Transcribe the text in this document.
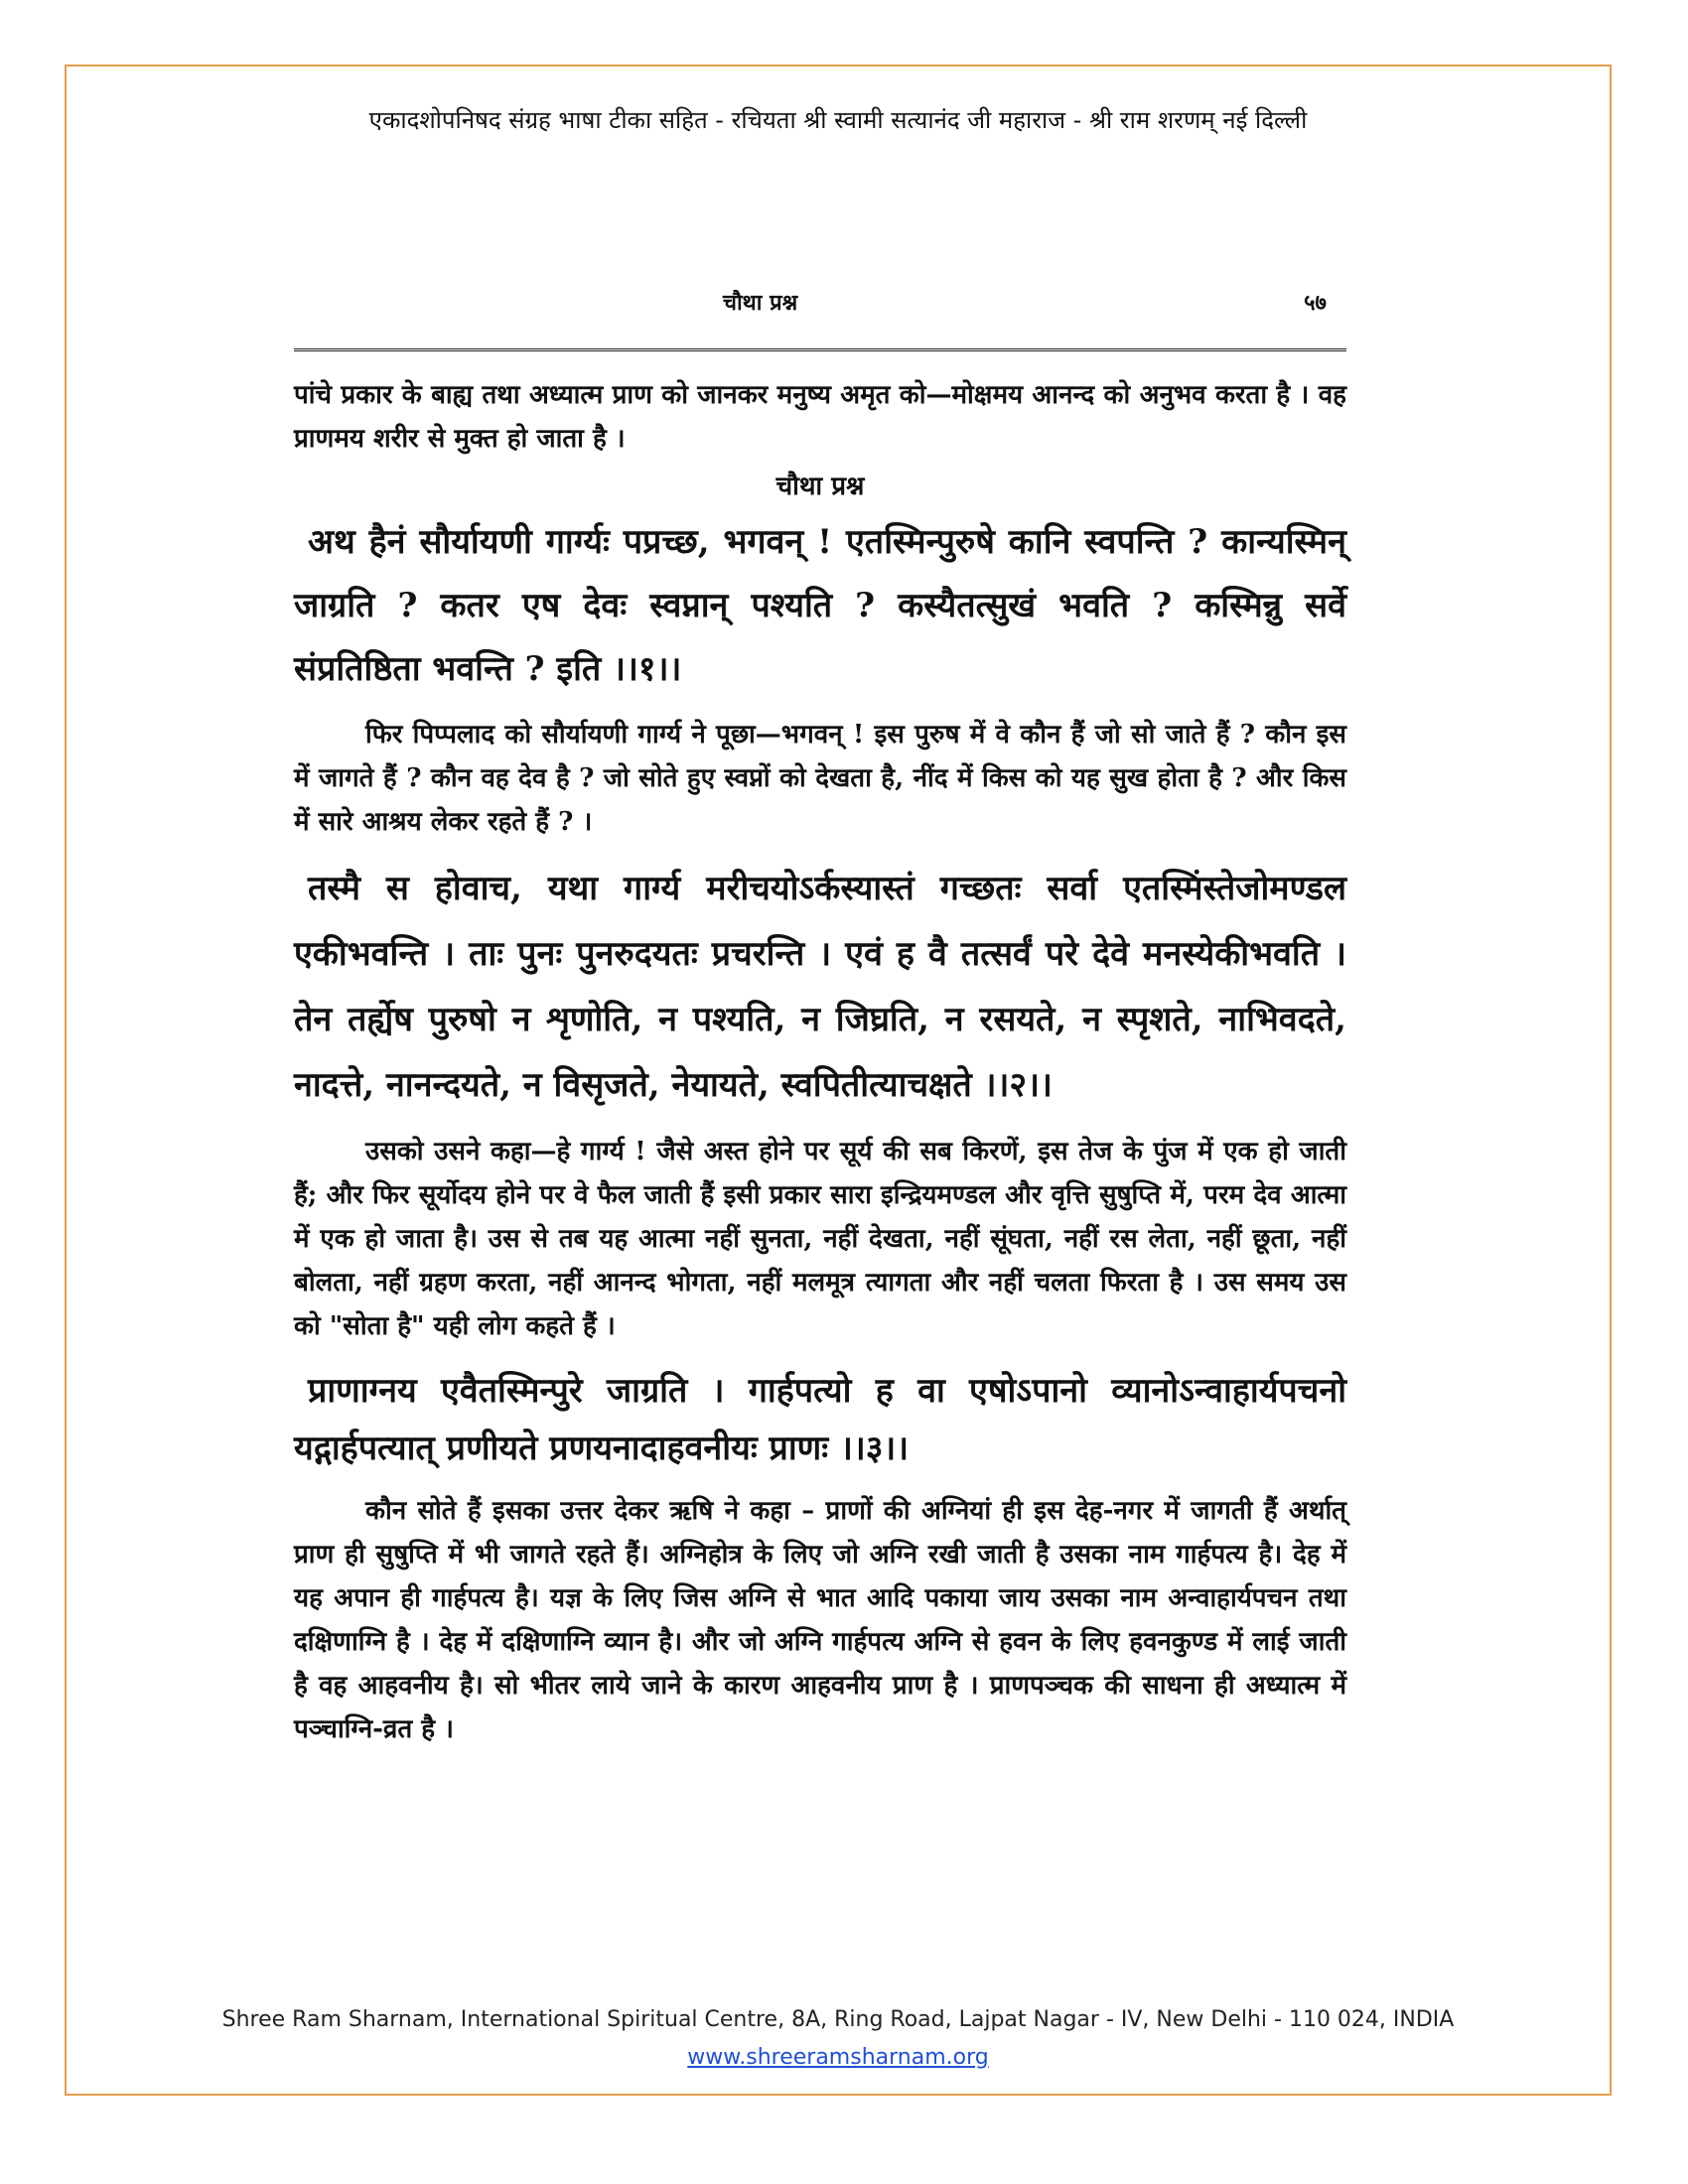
एकादशोपनिषद संग्रह भाषा टीका सहित - रचियता श्री स्वामी सत्यानंद जी महाराज - श्री राम शरणम् नई दिल्ली
चौथा प्रश्न	५७

पांचे प्रकार के बाह्य तथा अध्यात्म प्राण को जानकर मनुष्य अमृत को—मोक्षमय आनन्द को अनुभव करता है । वह प्राणमय शरीर से मुक्त हो जाता है ।

चौथा प्रश्न

अथ हैनं सौर्यायणी गार्ग्यः पप्रच्छ, भगवन् ! एतस्मिन्पुरुषे कानि स्वपन्ति ? कान्यस्मिन् जाग्रति ? कतर एष देवः स्वप्नान् पश्यति ? कस्यैतत्सुखं भवति ? कस्मिन्नु सर्वे संप्रतिष्ठिता भवन्ति ? इति ।।१।।

फिर पिप्पलाद को सौर्यायणी गार्ग्य ने पूछा—भगवन् ! इस पुरुष में वे कौन हैं जो सो जाते हैं ? कौन इस में जागते हैं ? कौन वह देव है ? जो सोते हुए स्वप्नों को देखता है, नींद में किस को यह सुख होता है ? और किस में सारे आश्रय लेकर रहते हैं ? ।

तस्मै स होवाच, यथा गार्ग्य मरीचयोऽर्कस्यास्तं गच्छतः सर्वा एतस्मिंस्तेजोमण्डल एकीभवन्ति । ताः पुनः पुनरुदयतः प्रचरन्ति । एवं ह वै तत्सर्वं परे देवे मनस्येकीभवति । तेन तर्ह्येष पुरुषो न शृणोति, न पश्यति, न जिघ्रति, न रसयते, न स्पृशते, नाभिवदते, नादत्ते, नानन्दयते, न विसृजते, नेयायते, स्वपितीत्याचक्षते ।।२।।

उसको उसने कहा—हे गार्ग्य ! जैसे अस्त होने पर सूर्य की सब किरणें, इस तेज के पुंज में एक हो जाती हैं; और फिर सूर्योदय होने पर वे फैल जाती हैं इसी प्रकार सारा इन्द्रियमण्डल और वृत्ति सुषुप्ति में, परम देव आत्मा में एक हो जाता है। उस से तब यह आत्मा नहीं सुनता, नहीं देखता, नहीं सूंघता, नहीं रस लेता, नहीं छूता, नहीं बोलता, नहीं ग्रहण करता, नहीं आनन्द भोगता, नहीं मलमूत्र त्यागता और नहीं चलता फिरता है । उस समय उस को "सोता है" यही लोग कहते हैं ।

प्राणाग्नय एवैतस्मिन्पुरे जाग्रति । गार्हपत्यो ह वा एषोऽपानो व्यानोऽन्वाहार्यपचनो यद्गार्हपत्यात् प्रणीयते प्रणयनादाहवनीयः प्राणः ।।३।।

कौन सोते हैं इसका उत्तर देकर ऋषि ने कहा – प्राणों की अग्नियां ही इस देह-नगर में जागती हैं अर्थात् प्राण ही सुषुप्ति में भी जागते रहते हैं। अग्निहोत्र के लिए जो अग्नि रखी जाती है उसका नाम गार्हपत्य है। देह में यह अपान ही गार्हपत्य है। यज्ञ के लिए जिस अग्नि से भात आदि पकाया जाय उसका नाम अन्वाहार्यपचन तथा दक्षिणाग्नि है । देह में दक्षिणाग्नि व्यान है। और जो अग्नि गार्हपत्य अग्नि से हवन के लिए हवनकुण्ड में लाई जाती है वह आहवनीय है। सो भीतर लाये जाने के कारण आहवनीय प्राण है । प्राणपञ्चक की साधना ही अध्यात्म में पञ्चाग्नि-व्रत है ।

Shree Ram Sharnam, International Spiritual Centre, 8A, Ring Road, Lajpat Nagar - IV, New Delhi - 110 024, INDIA
www.shreeramsharnam.org
